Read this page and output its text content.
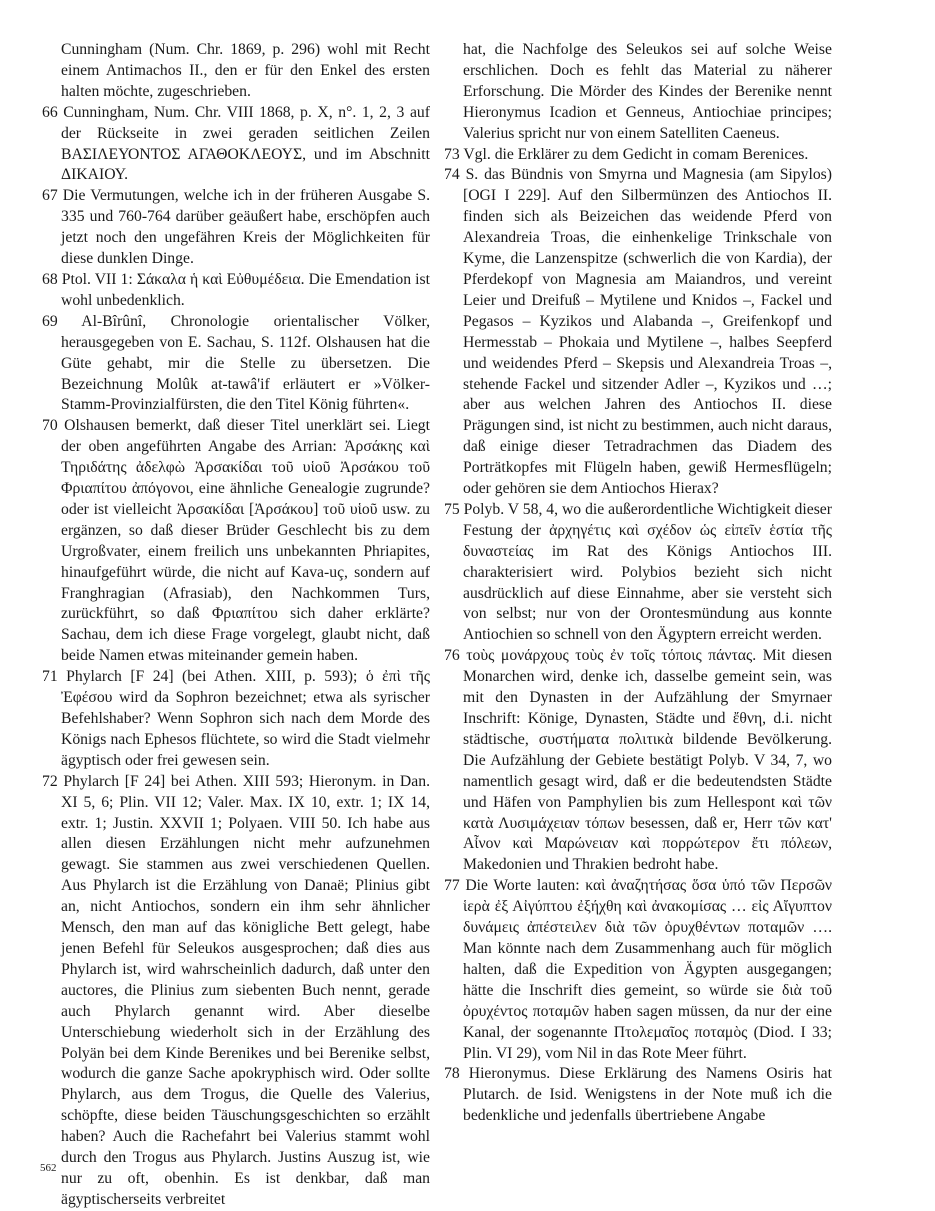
Cunningham (Num. Chr. 1869, p. 296) wohl mit Recht einem Antimachos II., den er für den Enkel des ersten halten möchte, zugeschrieben.

66 Cunningham, Num. Chr. VIII 1868, p. X, n°. 1, 2, 3 auf der Rückseite in zwei geraden seitlichen Zeilen ΒΑΣΙΛΕΥΟΝΤΟΣ ΑΓΑΘΟΚΛΕΟΥΣ, und im Abschnitt ΔΙΚΑΙΟΥ.

67 Die Vermutungen, welche ich in der früheren Ausgabe S. 335 und 760-764 darüber geäußert habe, erschöpfen auch jetzt noch den ungefähren Kreis der Möglichkeiten für diese dunklen Dinge.

68 Ptol. VII 1: Σάκαλα ἡ καὶ Εὐθυμέδεια. Die Emendation ist wohl unbedenklich.

69 Al-Bîrûnî, Chronologie orientalischer Völker, herausgegeben von E. Sachau, S. 112f. Olshausen hat die Güte gehabt, mir die Stelle zu übersetzen. Die Bezeichnung Molûk at-tawâ'if erläutert er »Völker-Stamm-Provinzialfürsten, die den Titel König führten«.

70 Olshausen bemerkt, daß dieser Titel unerklärt sei. Liegt der oben angeführten Angabe des Arrian: Ἀρσάκης καὶ Τηριδάτης ἀδελφὼ Ἀρσακίδαι τοῦ υἱοῦ Ἀρσάκου τοῦ Φριαπίτου ἀπόγονοι, eine ähnliche Genealogie zugrunde? oder ist vielleicht Ἀρσακίδαι [Ἀρσάκου] τοῦ υἱοῦ usw. zu ergänzen, so daß dieser Brüder Geschlecht bis zu dem Urgroßvater, einem freilich uns unbekannten Phriapites, hinaufgeführt würde, die nicht auf Kava-uç, sondern auf Franghragian (Afrasiab), den Nachkommen Turs, zurückführt, so daß Φριαπίτου sich daher erklärte? Sachau, dem ich diese Frage vorgelegt, glaubt nicht, daß beide Namen etwas miteinander gemein haben.

71 Phylarch [F 24] (bei Athen. XIII, p. 593); ὁ ἐπὶ τῆς Ἐφέσου wird da Sophron bezeichnet; etwa als syrischer Befehlshaber? Wenn Sophron sich nach dem Morde des Königs nach Ephesos flüchtete, so wird die Stadt vielmehr ägyptisch oder frei gewesen sein.

72 Phylarch [F 24] bei Athen. XIII 593; Hieronym. in Dan. XI 5, 6; Plin. VII 12; Valer. Max. IX 10, extr. 1; IX 14, extr. 1; Justin. XXVII 1; Polyaen. VIII 50. Ich habe aus allen diesen Erzählungen nicht mehr aufzunehmen gewagt. Sie stammen aus zwei verschiedenen Quellen. Aus Phylarch ist die Erzählung von Danaë; Plinius gibt an, nicht Antiochos, sondern ein ihm sehr ähnlicher Mensch, den man auf das königliche Bett gelegt, habe jenen Befehl für Seleukos ausgesprochen; daß dies aus Phylarch ist, wird wahrscheinlich dadurch, daß unter den auctores, die Plinius zum siebenten Buch nennt, gerade auch Phylarch genannt wird. Aber dieselbe Unterschiebung wiederholt sich in der Erzählung des Polyän bei dem Kinde Berenikes und bei Berenike selbst, wodurch die ganze Sache apokryphisch wird. Oder sollte Phylarch, aus dem Trogus, die Quelle des Valerius, schöpfte, diese beiden Täuschungsgeschichten so erzählt haben? Auch die Rachefahrt bei Valerius stammt wohl durch den Trogus aus Phylarch. Justins Auszug ist, wie nur zu oft, obenhin. Es ist denkbar, daß man ägyptischerseits verbreitet

hat, die Nachfolge des Seleukos sei auf solche Weise erschlichen. Doch es fehlt das Material zu näherer Erforschung. Die Mörder des Kindes der Berenike nennt Hieronymus Icadion et Genneus, Antiochiae principes; Valerius spricht nur von einem Satelliten Caeneus.

73 Vgl. die Erklärer zu dem Gedicht in comam Berenices.

74 S. das Bündnis von Smyrna und Magnesia (am Sipylos) [OGI I 229]. Auf den Silbermünzen des Antiochos II. finden sich als Beizeichen das weidende Pferd von Alexandreia Troas, die einhenkelige Trinkschale von Kyme, die Lanzenspitze (schwerlich die von Kardia), der Pferdekopf von Magnesia am Maiandros, und vereint Leier und Dreifuß – Mytilene und Knidos –, Fackel und Pegasos – Kyzikos und Alabanda –, Greifenkopf und Hermesstab – Phokaia und Mytilene –, halbes Seepferd und weidendes Pferd – Skepsis und Alexandreia Troas –, stehende Fackel und sitzender Adler –, Kyzikos und …; aber aus welchen Jahren des Antiochos II. diese Prägungen sind, ist nicht zu bestimmen, auch nicht daraus, daß einige dieser Tetradrachmen das Diadem des Porträtkopfes mit Flügeln haben, gewiß Hermesflügeln; oder gehören sie dem Antiochos Hierax?

75 Polyb. V 58, 4, wo die außerordentliche Wichtigkeit dieser Festung der ἀρχηγέτις καὶ σχέδον ὡς εἰπεῖν ἑστία τῆς δυναστείας im Rat des Königs Antiochos III. charakterisiert wird. Polybios bezieht sich nicht ausdrücklich auf diese Einnahme, aber sie versteht sich von selbst; nur von der Orontesmündung aus konnte Antiochien so schnell von den Ägyptern erreicht werden.

76 τοὺς μονάρχους τοὺς ἐν τοῖς τόποις πάντας. Mit diesen Monarchen wird, denke ich, dasselbe gemeint sein, was mit den Dynasten in der Aufzählung der Smyrnaer Inschrift: Könige, Dynasten, Städte und ἔθνη, d.i. nicht städtische, συστήματα πολιτικὰ bildende Bevölkerung. Die Aufzählung der Gebiete bestätigt Polyb. V 34, 7, wo namentlich gesagt wird, daß er die bedeutendsten Städte und Häfen von Pamphylien bis zum Hellespont καὶ τῶν κατὰ Λυσιμάχειαν τόπων besessen, daß er, Herr τῶν κατ' Αἶνον καὶ Μαρώνειαν καὶ πορρώτερον ἔτι πόλεων, Makedonien und Thrakien bedroht habe.

77 Die Worte lauten: καὶ ἀναζητήσας ὅσα ὑπό τῶν Περσῶν ἱερὰ ἐξ Αἰγύπτου ἐξήχθη καὶ ἀνακομίσας … εἰς Αἴγυπτον δυνάμεις ἀπέστειλεν διὰ τῶν ὀρυχθέντων ποταμῶν …. Man könnte nach dem Zusammenhang auch für möglich halten, daß die Expedition von Ägypten ausgegangen; hätte die Inschrift dies gemeint, so würde sie διὰ τοῦ ὀρυχέντος ποταμῶν haben sagen müssen, da nur der eine Kanal, der sogenannte Πτολεμαῖος ποταμὸς (Diod. I 33; Plin. VI 29), vom Nil in das Rote Meer führt.

78 Hieronymus. Diese Erklärung des Namens Osiris hat Plutarch. de Isid. Wenigstens in der Note muß ich die bedenkliche und jedenfalls übertriebene Angabe

562
